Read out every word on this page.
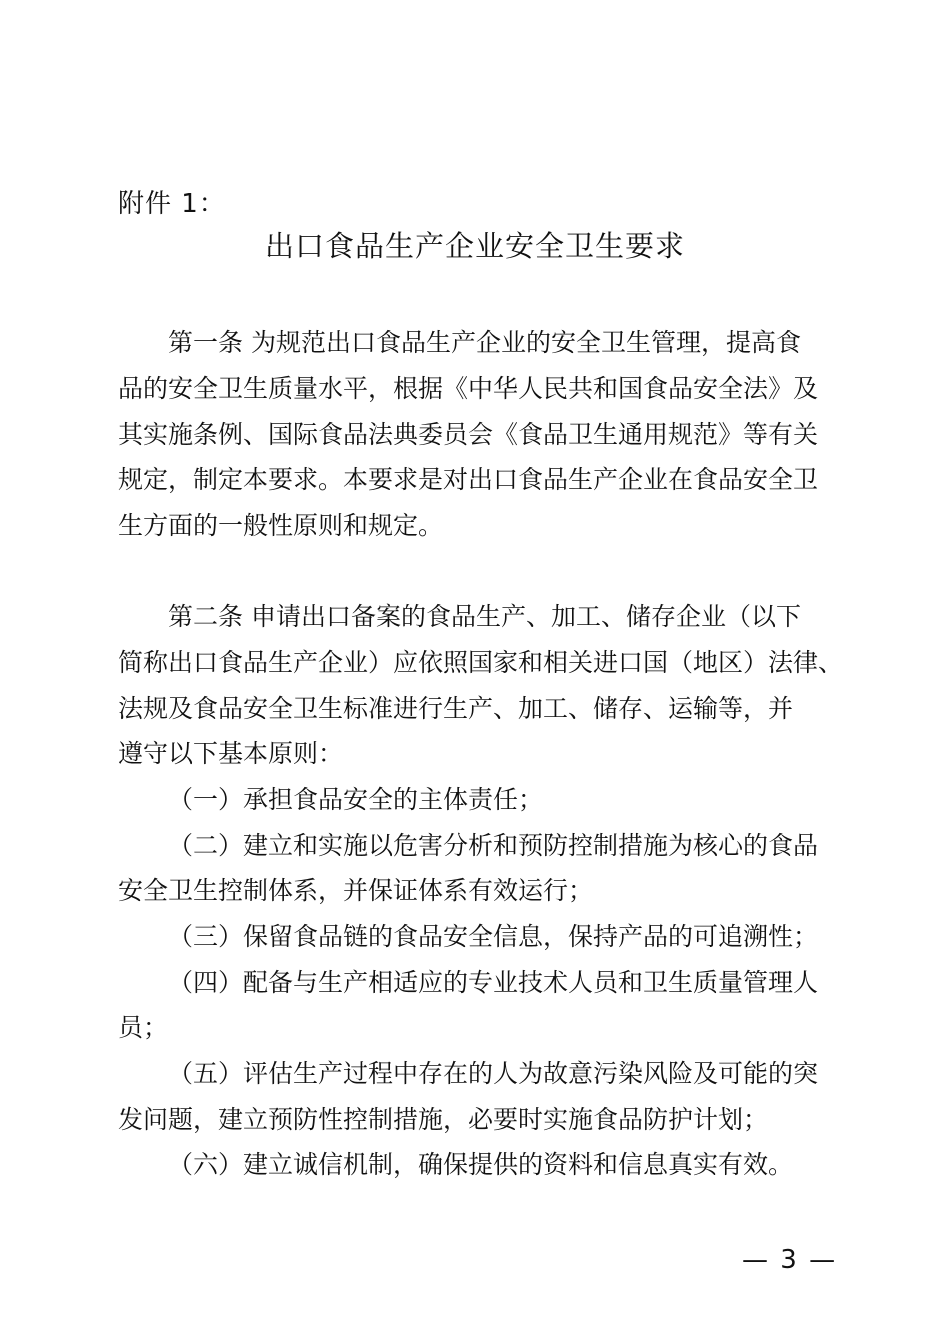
附件 1：
出口食品生产企业安全卫生要求
第一条 为规范出口食品生产企业的安全卫生管理，提高食
品的安全卫生质量水平，根据《中华人民共和国食品安全法》及
其实施条例、国际食品法典委员会《食品卫生通用规范》等有关
规定，制定本要求。本要求是对出口食品生产企业在食品安全卫
生方面的一般性原则和规定。
第二条 申请出口备案的食品生产、加工、储存企业（以下
简称出口食品生产企业）应依照国家和相关进口国（地区）法律、
法规及食品安全卫生标准进行生产、加工、储存、运输等，并
遵守以下基本原则：
（一）承担食品安全的主体责任；
（二）建立和实施以危害分析和预防控制措施为核心的食品
安全卫生控制体系，并保证体系有效运行；
（三）保留食品链的食品安全信息，保持产品的可追溯性；
（四）配备与生产相适应的专业技术人员和卫生质量管理人
员；
（五）评估生产过程中存在的人为故意污染风险及可能的突
发问题，建立预防性控制措施，必要时实施食品防护计划；
（六）建立诚信机制，确保提供的资料和信息真实有效。
— 3 —
